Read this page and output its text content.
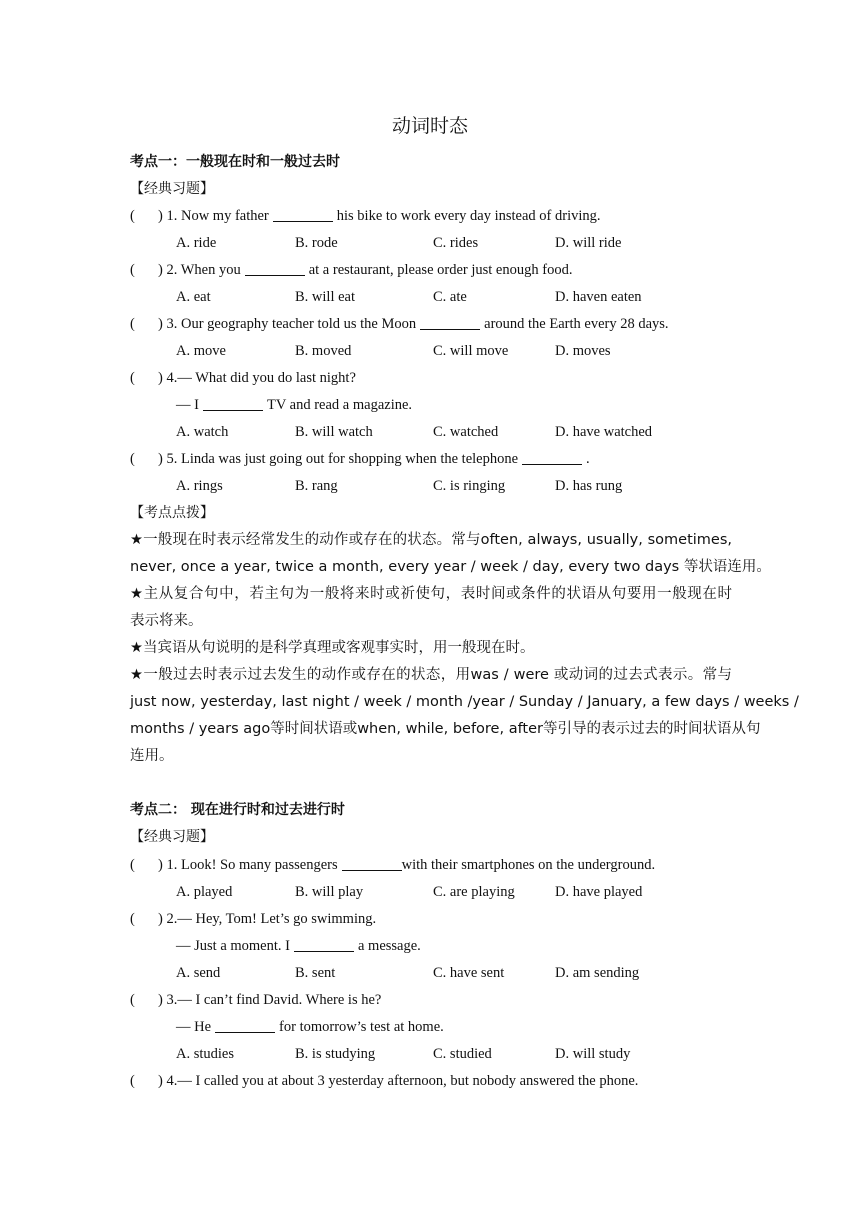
动词时态
考点一：一般现在时和一般过去时
【经典习题】
( ) 1. Now my father	his bike to work every day instead of driving.
A. ride	B. rode	C. rides	D. will ride
( ) 2. When you	at a restaurant, please order just enough food.
A. eat	B. will eat	C. ate	D. haven eaten
( ) 3. Our geography teacher told us the Moon	around the Earth every 28 days.
A. move	B. moved	C. will move	D. moves
( ) 4.— What did you do last night?
— I	TV and read a magazine.
A. watch	B. will watch	C. watched	D. have watched
( ) 5. Linda was just going out for shopping when the telephone	.
A. rings	B. rang	C. is ringing	D. has rung
【考点点拨】
★一般现在时表示经常发生的动作或存在的状态。常与often, always, usually, sometimes,
never, once a year, twice a month, every year / week / day, every two days 等状语连用。
★主从复合句中，若主句为一般将来时或祈使句，表时间或条件的状语从句要用一般现在时
表示将来。
★当宾语从句说明的是科学真理或客观事实时，用一般现在时。
★一般过去时表示过去发生的动作或存在的状态，用was / were 或动词的过去式表示。常与
just now, yesterday, last night / week / month /year / Sunday / January, a few days / weeks /
months / years ago等时间状语或when, while, before, after等引导的表示过去的时间状语从句
连用。
考点二： 现在进行时和过去进行时
【经典习题】
( ) 1. Look! So many passengers	with their smartphones on the underground.
A. played	B. will play	C. are playing	D. have played
( ) 2.— Hey, Tom! Let’s go swimming.
— Just a moment. I	a message.
A. send	B. sent	C. have sent	D. am sending
( ) 3.— I can’t find David. Where is he?
— He	for tomorrow’s test at home.
A. studies	B. is studying	C. studied	D. will study
( ) 4.— I called you at about 3 yesterday afternoon, but nobody answered the phone.
